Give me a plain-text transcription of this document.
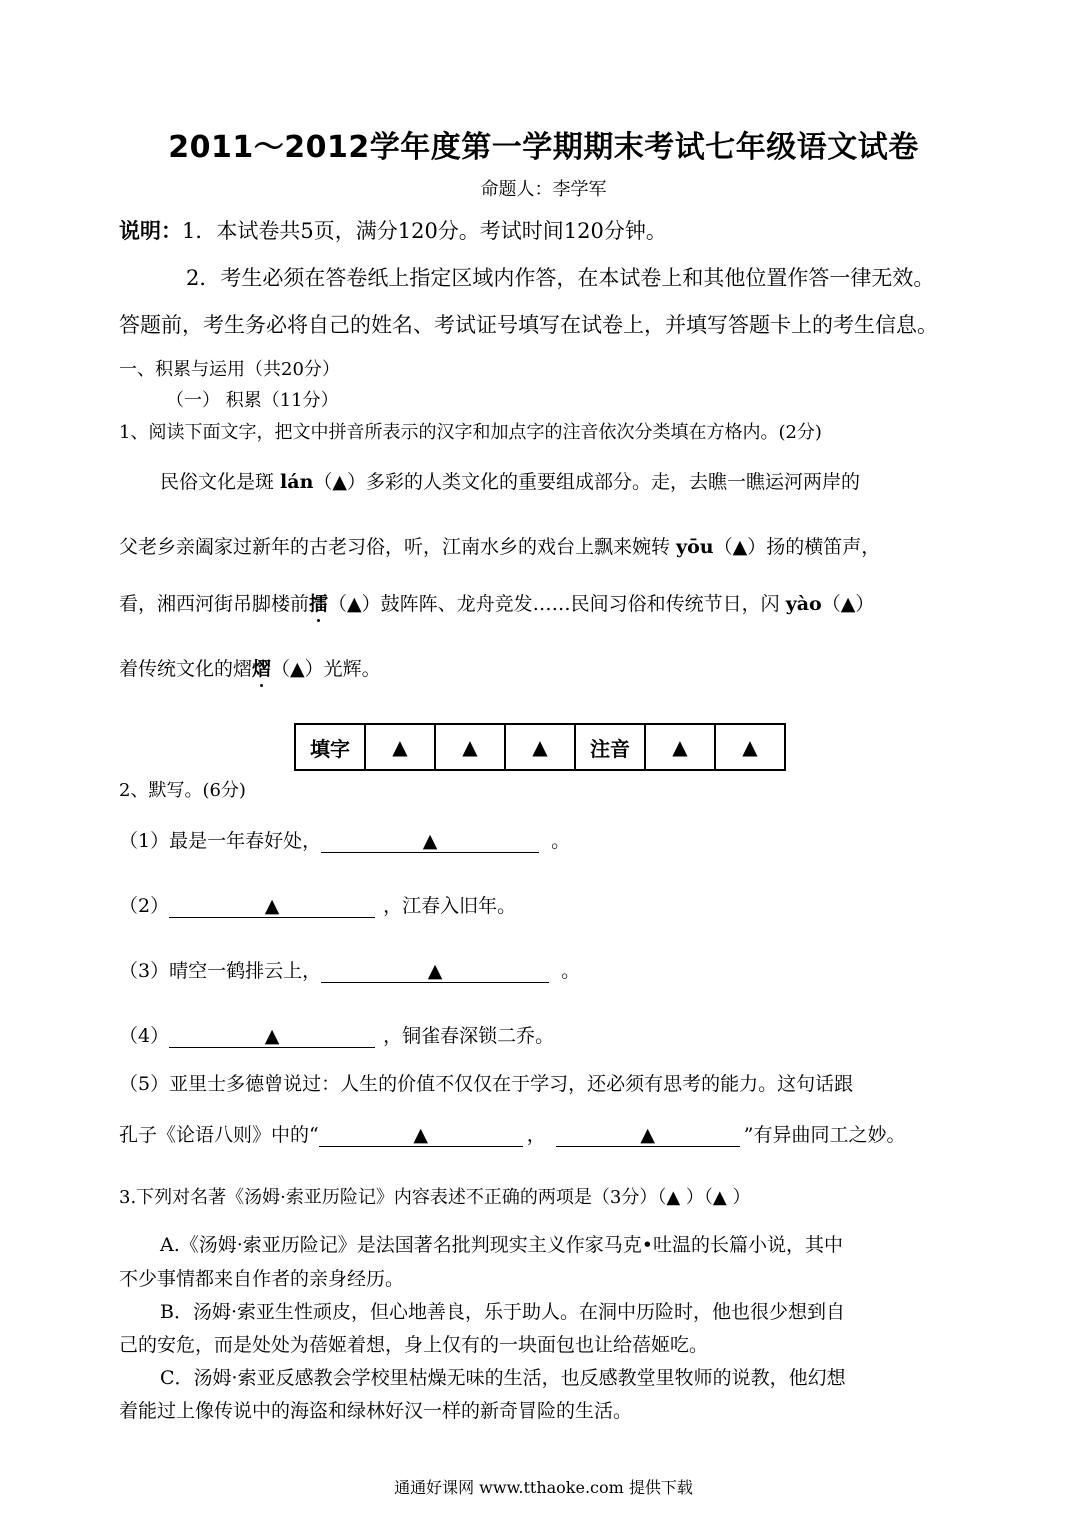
2011～2012学年度第一学期期末考试七年级语文试卷
命题人：李学军
说明：1．本试卷共5页，满分120分。考试时间120分钟。
2．考生必须在答卷纸上指定区域内作答，在本试卷上和其他位置作答一律无效。
答题前，考生务必将自己的姓名、考试证号填写在试卷上，并填写答题卡上的考生信息。
一、积累与运用（共20分）
（一） 积累（11分）
1、阅读下面文字，把文中拼音所表示的汉字和加点字的注音依次分类填在方格内。(2分)
民俗文化是斑 lán（▲）多彩的人类文化的重要组成部分。走，去瞧一瞧运河两岸的
父老乡亲阖家过新年的古老习俗，听，江南水乡的戏台上飘来婉转 yōu（▲）扬的横笛声，
看，湘西河街吊脚楼前擂（▲）鼓阵阵、龙舟竞发……民间习俗和传统节日，闪 yào（▲）
着传统文化的熠熠（▲）光辉。
填字	▲	▲	▲	注音	▲	▲
2、默写。(6分)
（1）最是一年春好处，	▲	。
（2）	▲	，江春入旧年。
（3）晴空一鹤排云上，	▲	。
（4）	▲	，铜雀春深锁二乔。
（5）亚里士多德曾说过：人生的价值不仅仅在于学习，还必须有思考的能力。这句话跟
孔子《论语八则》中的“	▲	，	▲	”有异曲同工之妙。
3.下列对名著《汤姆·索亚历险记》内容表述不正确的两项是（3分）（▲ ）（▲ ）
A.《汤姆·索亚历险记》是法国著名批判现实主义作家马克•吐温的长篇小说，其中
不少事情都来自作者的亲身经历。
B．汤姆·索亚生性顽皮，但心地善良，乐于助人。在洞中历险时，他也很少想到自
己的安危，而是处处为蓓姬着想，身上仅有的一块面包也让给蓓姬吃。
C．汤姆·索亚反感教会学校里枯燥无味的生活，也反感教堂里牧师的说教，他幻想
着能过上像传说中的海盗和绿林好汉一样的新奇冒险的生活。
通通好课网 www.tthaoke.com 提供下载
